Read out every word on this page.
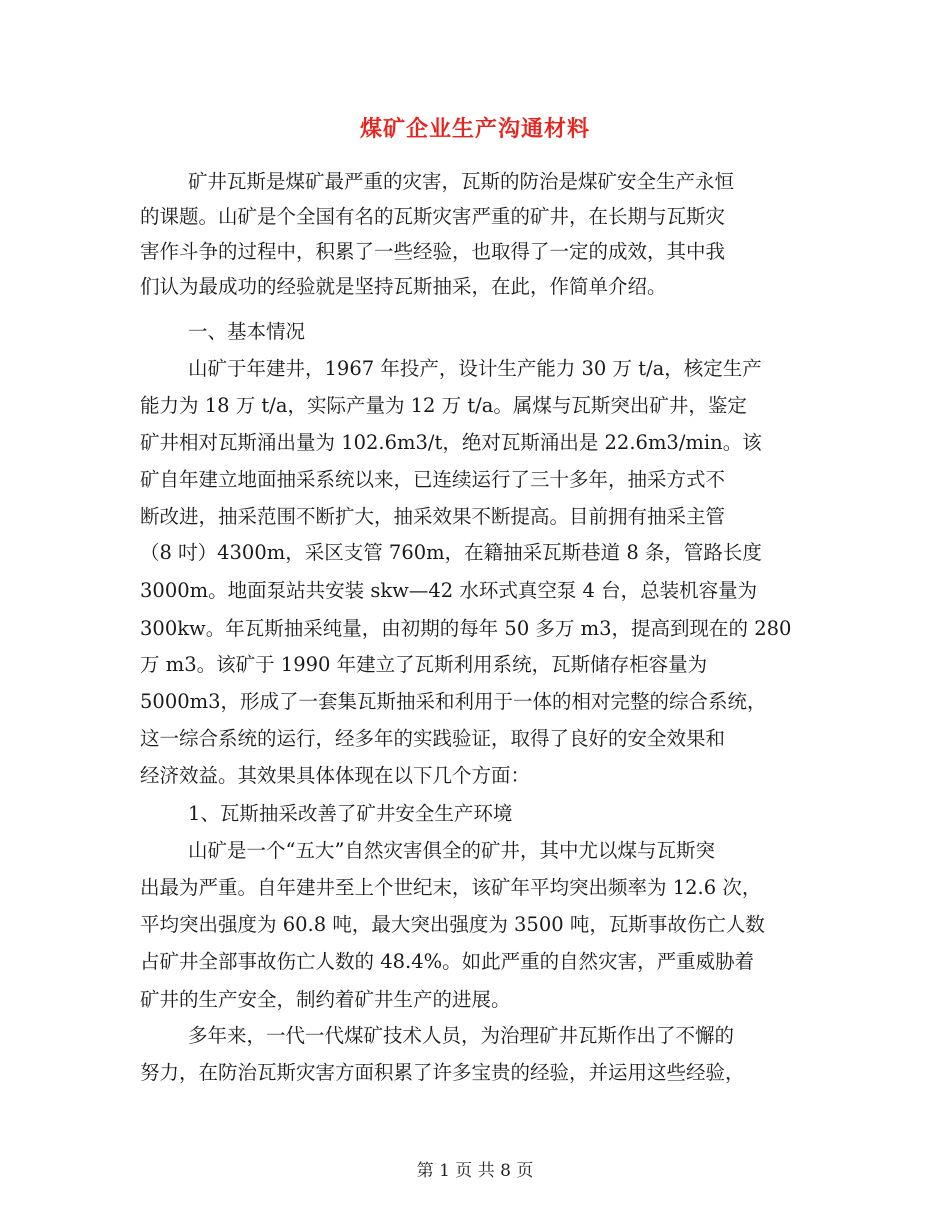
煤矿企业生产沟通材料
矿井瓦斯是煤矿最严重的灾害，瓦斯的防治是煤矿安全生产永恒
的课题。山矿是个全国有名的瓦斯灾害严重的矿井，在长期与瓦斯灾
害作斗争的过程中，积累了一些经验，也取得了一定的成效，其中我
们认为最成功的经验就是坚持瓦斯抽采，在此，作简单介绍。
一、基本情况
山矿于年建井，1967 年投产，设计生产能力 30 万 t/a，核定生产
能力为 18 万 t/a，实际产量为 12 万 t/a。属煤与瓦斯突出矿井，鉴定
矿井相对瓦斯涌出量为 102.6m3/t，绝对瓦斯涌出是 22.6m3/min。该
矿自年建立地面抽采系统以来，已连续运行了三十多年，抽采方式不
断改进，抽采范围不断扩大，抽采效果不断提高。目前拥有抽采主管
（8 吋）4300m，采区支管 760m，在籍抽采瓦斯巷道 8 条，管路长度
3000m。地面泵站共安装 skw—42 水环式真空泵 4 台，总装机容量为
300kw。年瓦斯抽采纯量，由初期的每年 50 多万 m3，提高到现在的 280
万 m3。该矿于 1990 年建立了瓦斯利用系统，瓦斯储存柜容量为
5000m3，形成了一套集瓦斯抽采和利用于一体的相对完整的综合系统，
这一综合系统的运行，经多年的实践验证，取得了良好的安全效果和
经济效益。其效果具体体现在以下几个方面：
1、瓦斯抽采改善了矿井安全生产环境
山矿是一个“五大”自然灾害俱全的矿井，其中尤以煤与瓦斯突
出最为严重。自年建井至上个世纪末，该矿年平均突出频率为 12.6 次，
平均突出强度为 60.8 吨，最大突出强度为 3500 吨，瓦斯事故伤亡人数
占矿井全部事故伤亡人数的 48.4%。如此严重的自然灾害，严重威胁着
矿井的生产安全，制约着矿井生产的进展。
多年来，一代一代煤矿技术人员，为治理矿井瓦斯作出了不懈的
努力，在防治瓦斯灾害方面积累了许多宝贵的经验，并运用这些经验，
第 1 页 共 8 页
